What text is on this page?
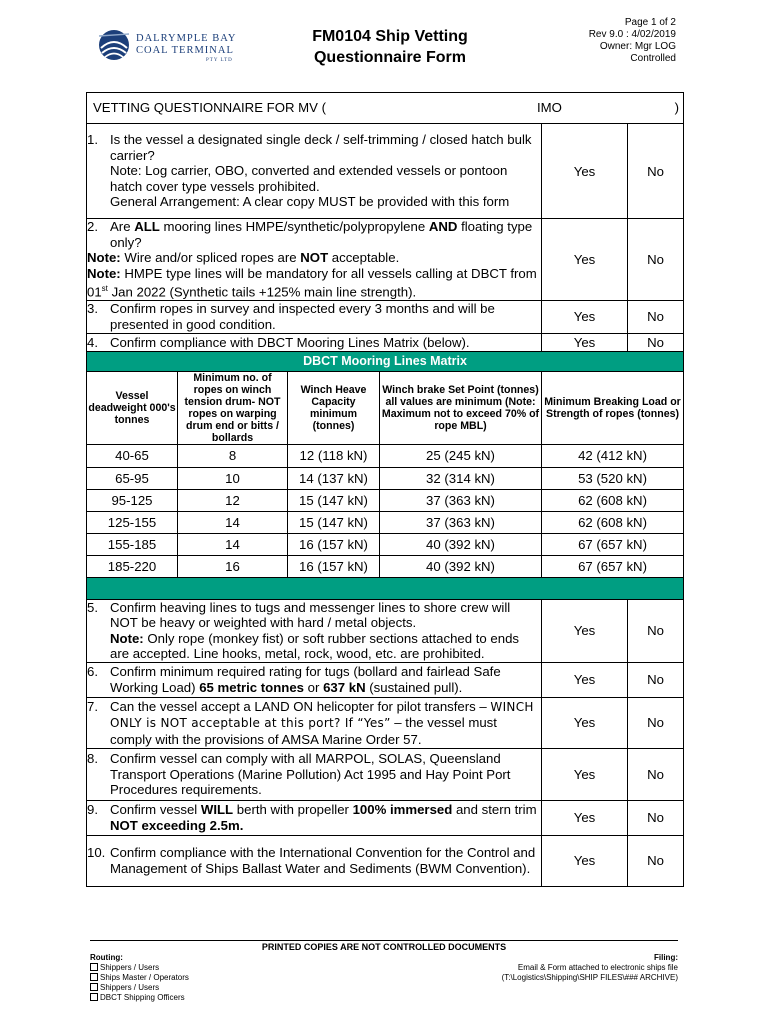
DALRYMPLE BAY
COAL TERMINAL
PTY LTD
FM0104 Ship Vetting
Questionnaire Form
Page 1 of 2
Rev 9.0 : 4/02/2019
Owner: Mgr LOG
Controlled
VETTING QUESTIONNAIRE FOR MV ( IMO )					

1. Is the vessel a designated single deck / self-trimming / closed hatch bulk carrier?
Note: Log carrier, OBO, converted and extended vessels or pontoon hatch cover type vessels prohibited.
General Arrangement: A clear copy MUST be provided with this form				Yes	No

2. Are ALL mooring lines HMPE/synthetic/polypropylene AND floating type only?
Note: Wire and/or spliced ropes are NOT acceptable.
Note: HMPE type lines will be mandatory for all vessels calling at DBCT from 01st Jan 2022 (Synthetic tails +125% main line strength).				Yes	No

3. Confirm ropes in survey and inspected every 3 months and will be presented in good condition.				Yes	No

4. Confirm compliance with DBCT Mooring Lines Matrix (below).				Yes	No
DBCT Mooring Lines Matrix					
Vessel deadweight 000's tonnes	Minimum no. of ropes on winch tension drum- NOT ropes on warping drum end or bitts / bollards	Winch Heave Capacity minimum (tonnes)	Winch brake Set Point (tonnes) all values are minimum (Note: Maximum not to exceed 70% of rope MBL)	Minimum Breaking Load or Strength of ropes (tonnes)	
40-65	8	12 (118 kN)	25 (245 kN)	42 (412 kN)	
65-95	10	14 (137 kN)	32 (314 kN)	53 (520 kN)	
95-125	12	15 (147 kN)	37 (363 kN)	62 (608 kN)	
125-155	14	15 (147 kN)	37 (363 kN)	62 (608 kN)	
155-185	14	16 (157 kN)	40 (392 kN)	67 (657 kN)	
185-220	16	16 (157 kN)	40 (392 kN)	67 (657 kN)	

5. Confirm heaving lines to tugs and messenger lines to shore crew will NOT be heavy or weighted with hard / metal objects.
Note: Only rope (monkey fist) or soft rubber sections attached to ends are accepted. Line hooks, metal, rock, wood, etc. are prohibited.				Yes	No

6. Confirm minimum required rating for tugs (bollard and fairlead Safe Working Load) 65 metric tonnes or 637 kN (sustained pull).				Yes	No

7. Can the vessel accept a LAND ON helicopter for pilot transfers – WINCH ONLY is NOT acceptable at this port? If “Yes” – the vessel must comply with the provisions of AMSA Marine Order 57.				Yes	No

8. Confirm vessel can comply with all MARPOL, SOLAS, Queensland Transport Operations (Marine Pollution) Act 1995 and Hay Point Port Procedures requirements.				Yes	No

9. Confirm vessel WILL berth with propeller 100% immersed and stern trim NOT exceeding 2.5m.				Yes	No

10. Confirm compliance with the International Convention for the Control and Management of Ships Ballast Water and Sediments (BWM Convention).				Yes	No
PRINTED COPIES ARE NOT CONTROLLED DOCUMENTS
Routing:
Shippers / Users
Ships Master / Operators
Shippers / Users
DBCT Shipping Officers
Filing:
Email & Form attached to electronic ships file
(T:\Logistics\Shipping\SHIP FILES\### ARCHIVE)
